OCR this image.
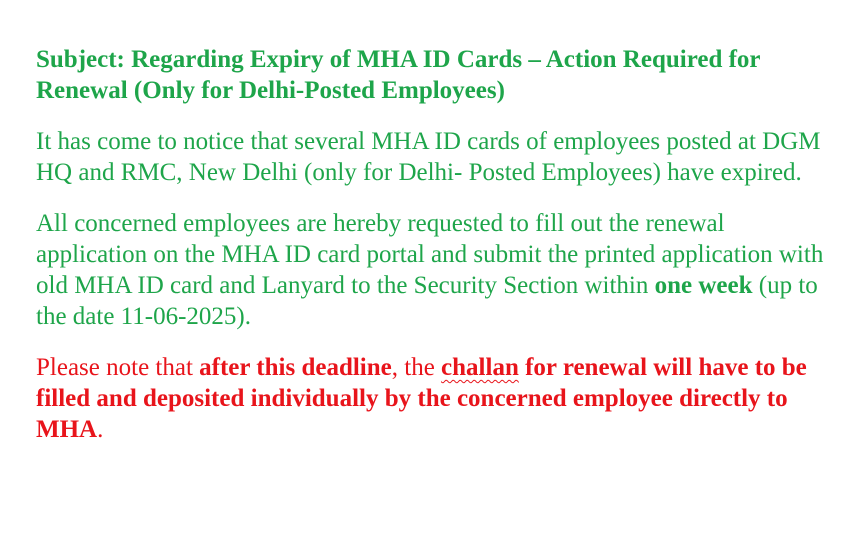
Subject: Regarding Expiry of MHA ID Cards – Action Required for Renewal (Only for Delhi-Posted Employees)

It has come to notice that several MHA ID cards of employees posted at DGM HQ and RMC, New Delhi (only for Delhi- Posted Employees) have expired.

All concerned employees are hereby requested to fill out the renewal application on the MHA ID card portal and submit the printed application with old MHA ID card and Lanyard to the Security Section within one week (up to the date 11-06-2025).

Please note that after this deadline, the challan for renewal will have to be filled and deposited individually by the concerned employee directly to MHA.
